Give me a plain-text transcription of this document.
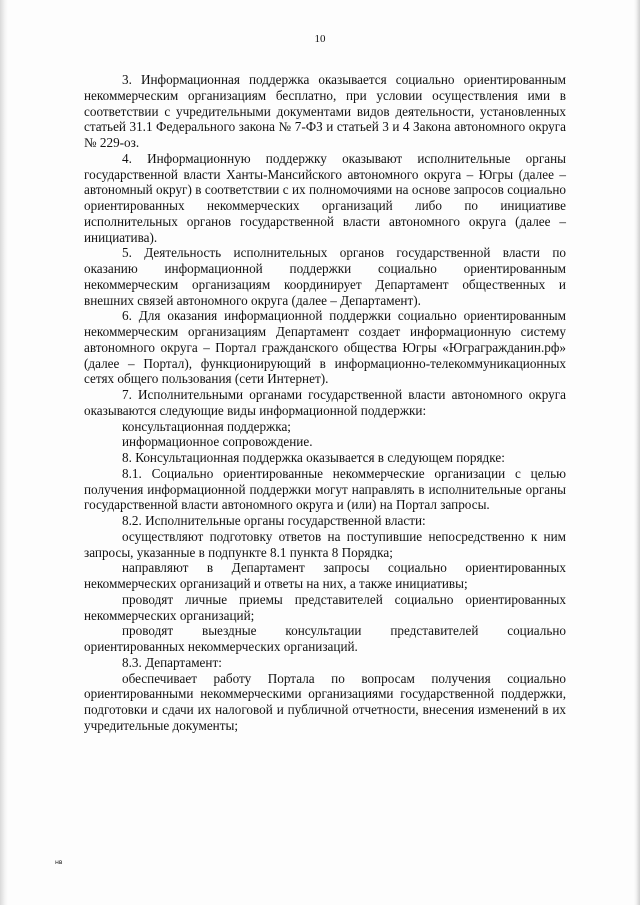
10

3. Информационная поддержка оказывается социально ориентированным некоммерческим организациям бесплатно, при условии осуществления ими в соответствии с учредительными документами видов деятельности, установленных статьей 31.1 Федерального закона № 7-ФЗ и статьей 3 и 4 Закона автономного округа № 229-оз.

4. Информационную поддержку оказывают исполнительные органы государственной власти Ханты-Мансийского автономного округа – Югры (далее – автономный округ) в соответствии с их полномочиями на основе запросов социально ориентированных некоммерческих организаций либо по инициативе исполнительных органов государственной власти автономного округа (далее – инициатива).

5. Деятельность исполнительных органов государственной власти по оказанию информационной поддержки социально ориентированным некоммерческим организациям координирует Департамент общественных и внешних связей автономного округа (далее – Департамент).

6. Для оказания информационной поддержки социально ориентированным некоммерческим организациям Департамент создает информационную систему автономного округа – Портал гражданского общества Югры «Юграгражданин.рф» (далее – Портал), функционирующий в информационно-телекоммуникационных сетях общего пользования (сети Интернет).

7. Исполнительными органами государственной власти автономного округа оказываются следующие виды информационной поддержки:

консультационная поддержка;

информационное сопровождение.

8. Консультационная поддержка оказывается в следующем порядке:

8.1. Социально ориентированные некоммерческие организации с целью получения информационной поддержки могут направлять в исполнительные органы государственной власти автономного округа и (или) на Портал запросы.

8.2. Исполнительные органы государственной власти:

осуществляют подготовку ответов на поступившие непосредственно к ним запросы, указанные в подпункте 8.1 пункта 8 Порядка;

направляют в Департамент запросы социально ориентированных некоммерческих организаций и ответы на них, а также инициативы;

проводят личные приемы представителей социально ориентированных некоммерческих организаций;

проводят выездные консультации представителей социально ориентированных некоммерческих организаций.

8.3. Департамент:

обеспечивает работу Портала по вопросам получения социально ориентированными некоммерческими организациями государственной поддержки, подготовки и сдачи их налоговой и публичной отчетности, внесения изменений в их учредительные документы;

нв
